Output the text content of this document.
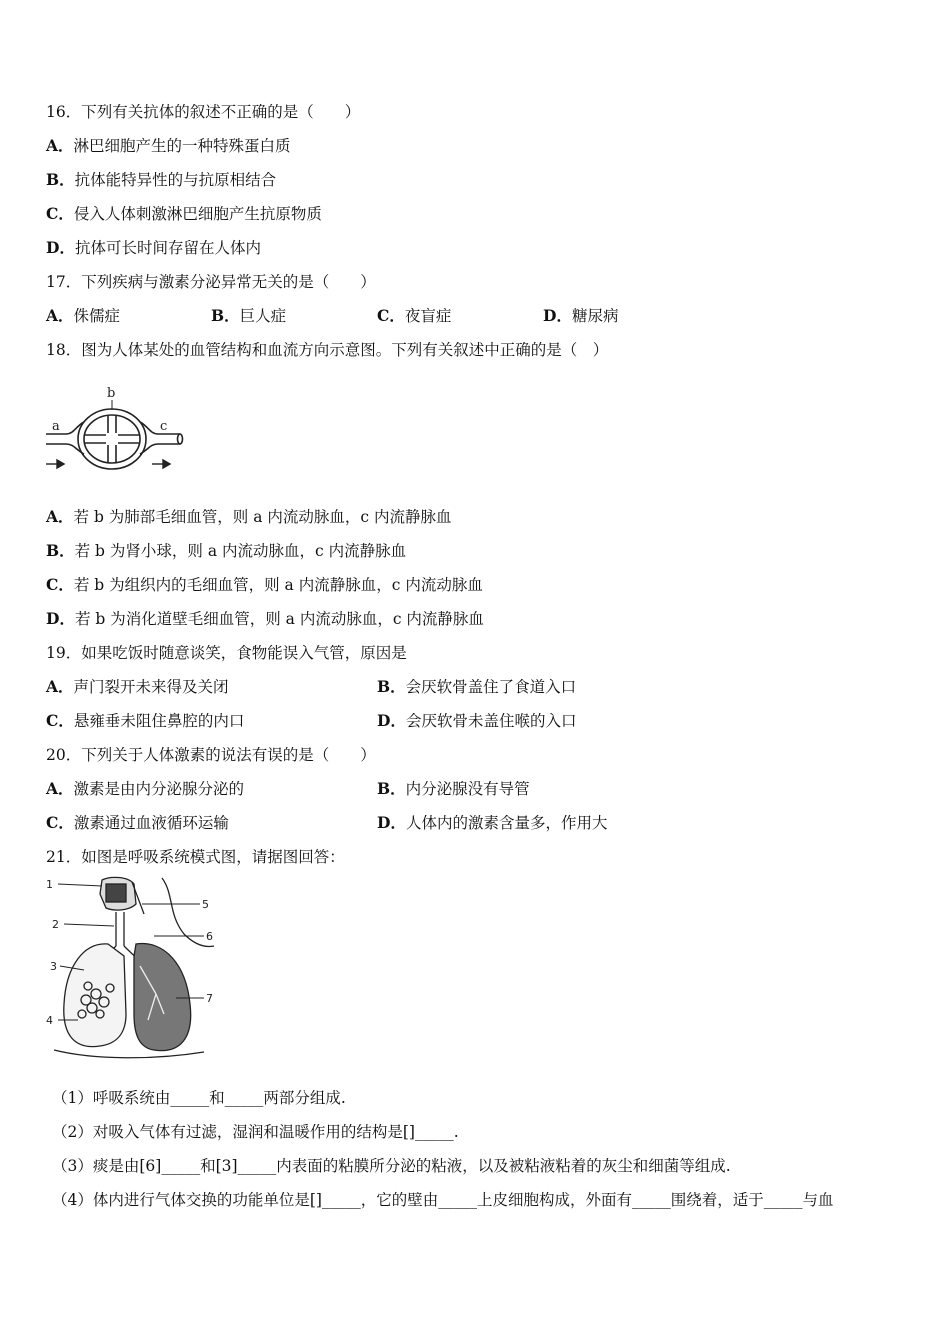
16．下列有关抗体的叙述不正确的是（　　）
A．淋巴细胞产生的一种特殊蛋白质
B．抗体能特异性的与抗原相结合
C．侵入人体刺激淋巴细胞产生抗原物质
D．抗体可长时间存留在人体内
17．下列疾病与激素分泌异常无关的是（　　）
A．侏儒症	B．巨人症	C．夜盲症	D．糖尿病
18．图为人体某处的血管结构和血流方向示意图。下列有关叙述中正确的是（　）
a
b
c
A．若 b 为肺部毛细血管，则 a 内流动脉血，c 内流静脉血
B．若 b 为肾小球，则 a 内流动脉血，c 内流静脉血
C．若 b 为组织内的毛细血管，则 a 内流静脉血，c 内流动脉血
D．若 b 为消化道壁毛细血管，则 a 内流动脉血，c 内流静脉血
19．如果吃饭时随意谈笑，食物能误入气管，原因是
A．声门裂开未来得及关闭	B．会厌软骨盖住了食道入口
C．悬雍垂未阻住鼻腔的内口	D．会厌软骨未盖住喉的入口
20．下列关于人体激素的说法有误的是（　　）
A．激素是由内分泌腺分泌的	B．内分泌腺没有导管
C．激素通过血液循环运输	D．人体内的激素含量多，作用大
21．如图是呼吸系统模式图，请据图回答：
1
2
3
4
5
6
7
（1）呼吸系统由_____和_____两部分组成.
（2）对吸入气体有过滤，湿润和温暖作用的结构是[]_____.
（3）痰是由[6]_____和[3]_____内表面的粘膜所分泌的粘液，以及被粘液粘着的灰尘和细菌等组成.
（4）体内进行气体交换的功能单位是[]_____，它的壁由_____上皮细胞构成，外面有_____围绕着，适于_____与血
